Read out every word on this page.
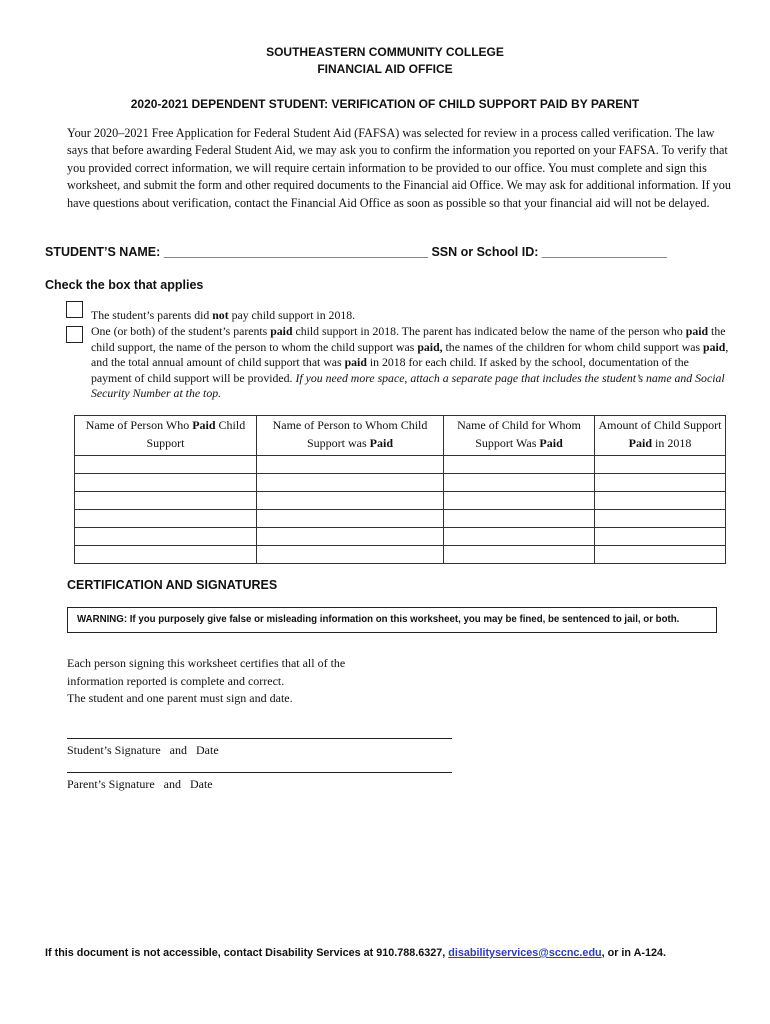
SOUTHEASTERN COMMUNITY COLLEGE
FINANCIAL AID OFFICE
2020-2021 DEPENDENT STUDENT: VERIFICATION OF CHILD SUPPORT PAID BY PARENT
Your 2020–2021 Free Application for Federal Student Aid (FAFSA) was selected for review in a process called verification. The law says that before awarding Federal Student Aid, we may ask you to confirm the information you reported on your FAFSA. To verify that you provided correct information, we will require certain information to be provided to our office. You must complete and sign this worksheet, and submit the form and other required documents to the Financial aid Office. We may ask for additional information. If you have questions about verification, contact the Financial Aid Office as soon as possible so that your financial aid will not be delayed.
STUDENT’S NAME: ______________________________________ SSN or School ID: __________________
Check the box that applies
The student’s parents did not pay child support in 2018.
One (or both) of the student’s parents paid child support in 2018. The parent has indicated below the name of the person who paid the child support, the name of the person to whom the child support was paid, the names of the children for whom child support was paid, and the total annual amount of child support that was paid in 2018 for each child. If asked by the school, documentation of the payment of child support will be provided. If you need more space, attach a separate page that includes the student’s name and Social Security Number at the top.
Name of Person Who Paid Child Support	Name of Person to Whom Child Support was Paid	Name of Child for Whom Support Was Paid	Amount of Child Support Paid in 2018

CERTIFICATION AND SIGNATURES
WARNING: If you purposely give false or misleading information on this worksheet, you may be fined, be sentenced to jail, or both.
Each person signing this worksheet certifies that all of the
information reported is complete and correct.
The student and one parent must sign and date.
Student’s Signature   and   Date
Parent’s Signature   and   Date
If this document is not accessible, contact Disability Services at 910.788.6327, disabilityservices@sccnc.edu, or in A-124.
